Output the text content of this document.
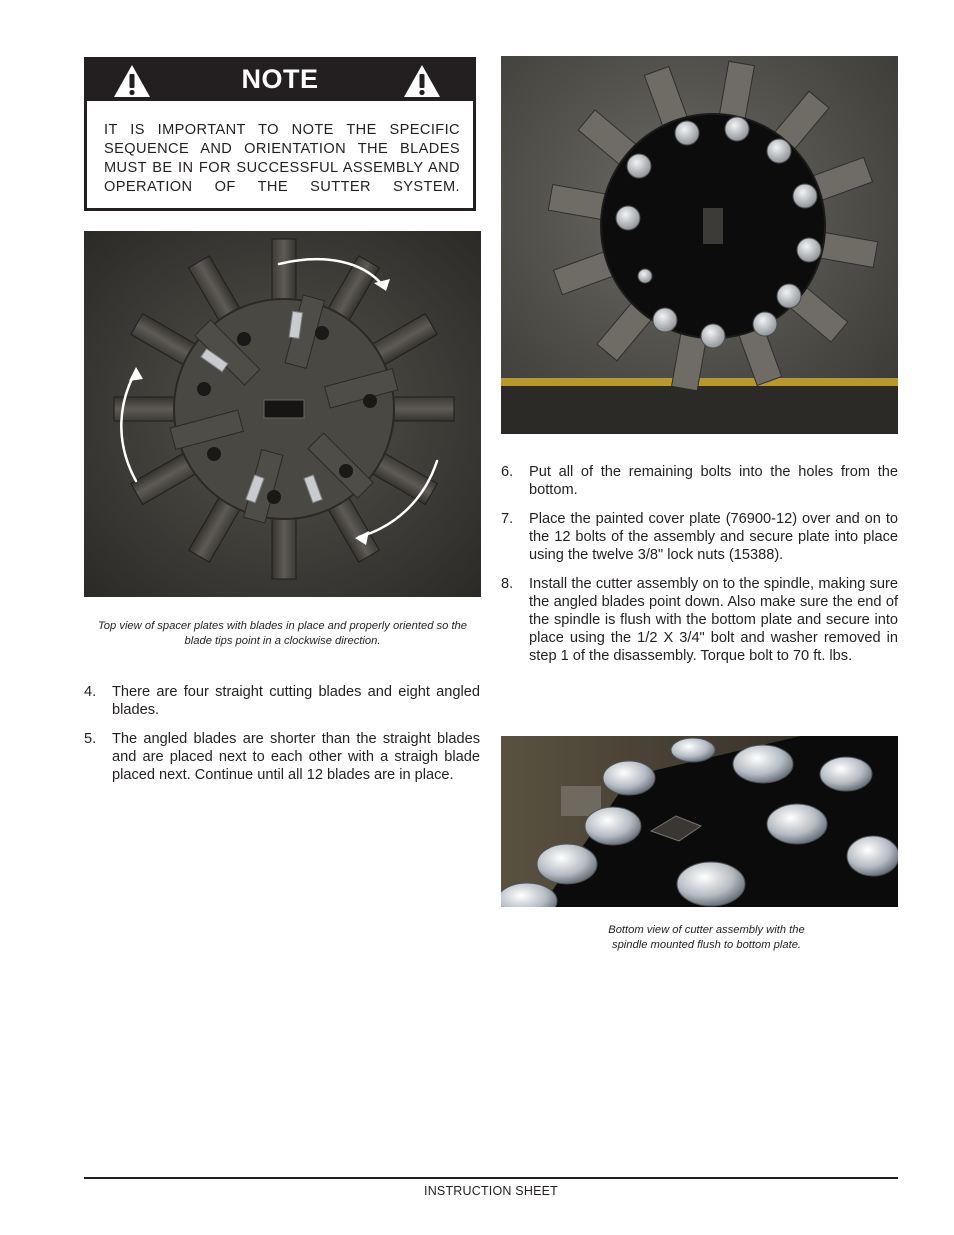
NOTE
IT IS IMPORTANT TO NOTE THE SPECIFIC SEQUENCE AND ORIENTATION THE BLADES MUST BE IN FOR SUCCESSFUL ASSEMBLY AND OPERATION OF THE SUTTER SYSTEM.
Top view of spacer plates with blades in place and properly oriented so the blade tips point in a clockwise direction.
4. There are four straight cutting blades and eight angled blades.
5. The angled blades are shorter than the straight blades and are placed next to each other with a straigh blade placed next. Continue until all 12 blades are in place.
6. Put all of the remaining bolts into the holes from the bottom.
7. Place the painted cover plate (76900-12) over and on to the 12 bolts of the assembly and secure plate into place using the twelve 3/8" lock nuts (15388).
8. Install the cutter assembly on to the spindle, making sure the angled blades point down. Also make sure the end of the spindle is flush with the bottom plate and secure into place using the 1/2 X 3/4" bolt and washer removed in step 1 of the disassembly. Torque bolt to 70 ft. lbs.
Bottom view of cutter assembly with the
spindle mounted flush to bottom plate.
INSTRUCTION SHEET
